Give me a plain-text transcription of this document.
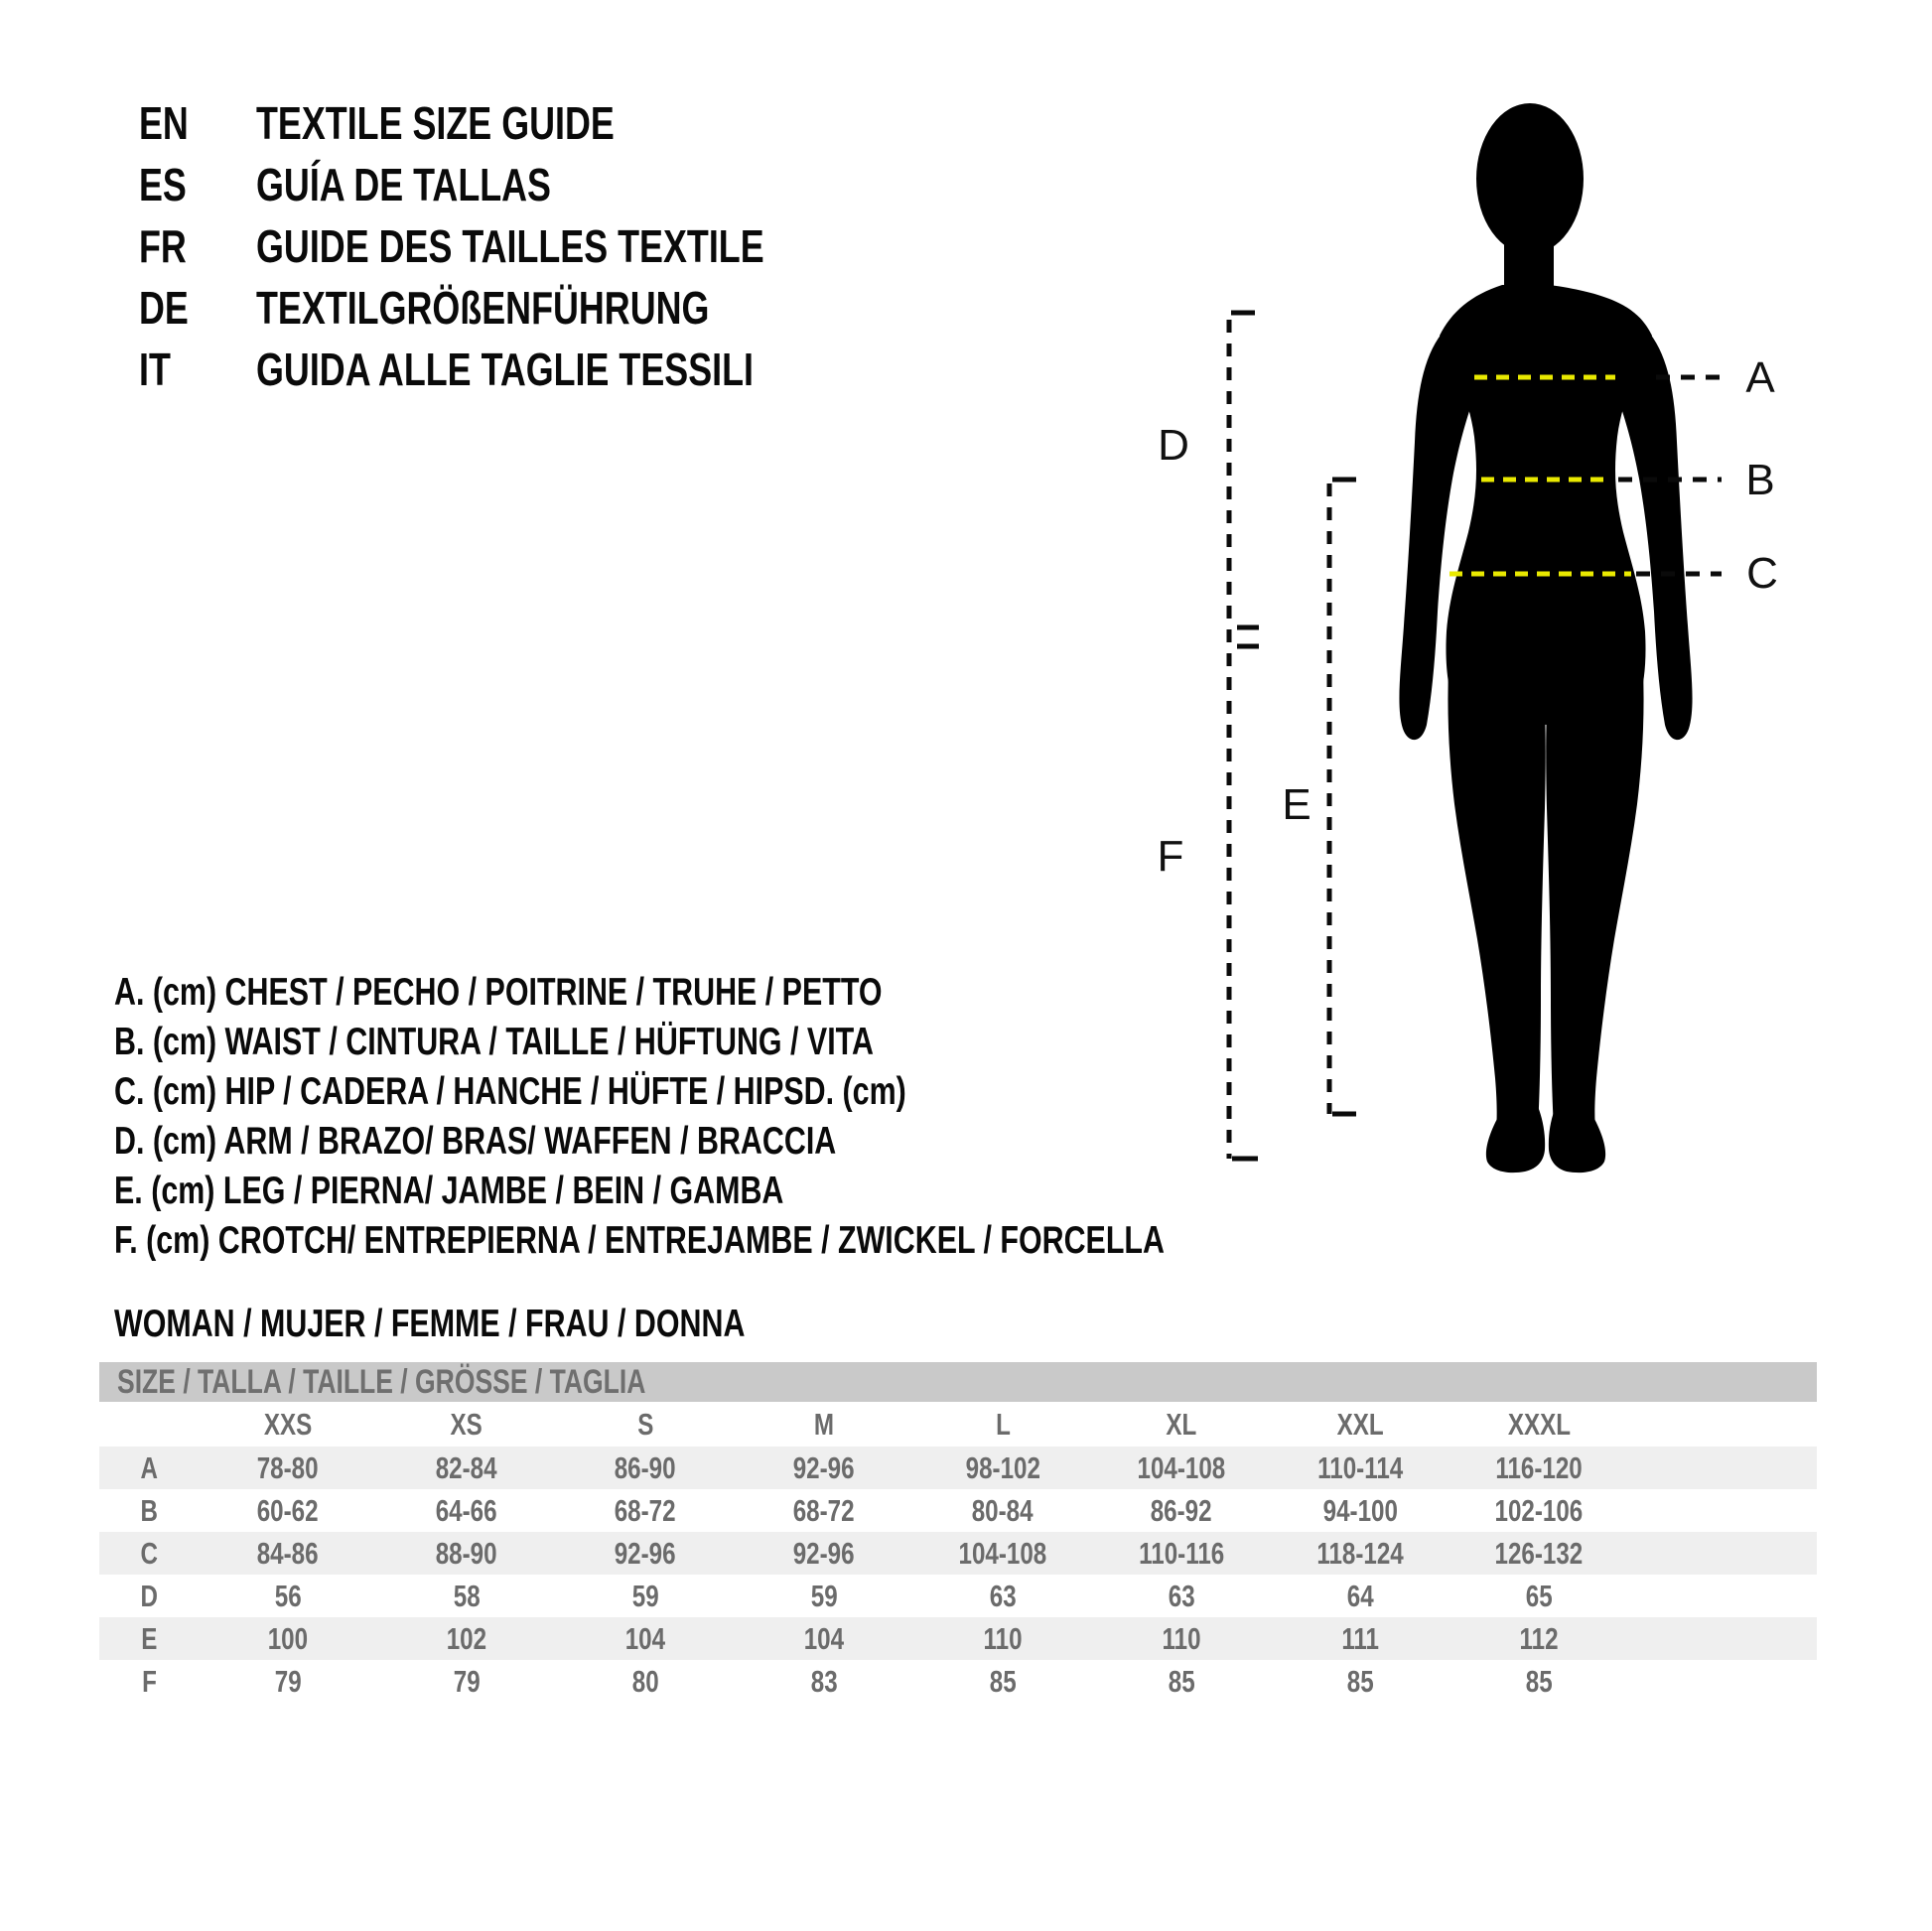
EN	TEXTILE SIZE GUIDE
ES	GUÍA DE TALLAS
FR	GUIDE DES TAILLES TEXTILE
DE	TEXTILGRÖßENFÜHRUNG
IT	GUIDA ALLE TAGLIE TESSILI
A. (cm) CHEST / PECHO / POITRINE / TRUHE / PETTO
B. (cm) WAIST / CINTURA / TAILLE / HÜFTUNG / VITA
C. (cm) HIP / CADERA / HANCHE / HÜFTE / HIPSD. (cm)
D. (cm) ARM / BRAZO/ BRAS/ WAFFEN / BRACCIA
E. (cm) LEG / PIERNA/ JAMBE / BEIN / GAMBA
F. (cm) CROTCH/ ENTREPIERNA / ENTREJAMBE / ZWICKEL / FORCELLA
WOMAN / MUJER / FEMME / FRAU / DONNA
SIZE / TALLA / TAILLE / GRÖSSE / TAGLIA
	XXS	XS	S	M	L	XL	XXL	XXXL	
A	78-80	82-84	86-90	92-96	98-102	104-108	110-114	116-120	
B	60-62	64-66	68-72	68-72	80-84	86-92	94-100	102-106	
C	84-86	88-90	92-96	92-96	104-108	110-116	118-124	126-132	
D	56	58	59	59	63	63	64	65	
E	100	102	104	104	110	110	111	112	
F	79	79	80	83	85	85	85	85	
A
B
C
D
E
F
